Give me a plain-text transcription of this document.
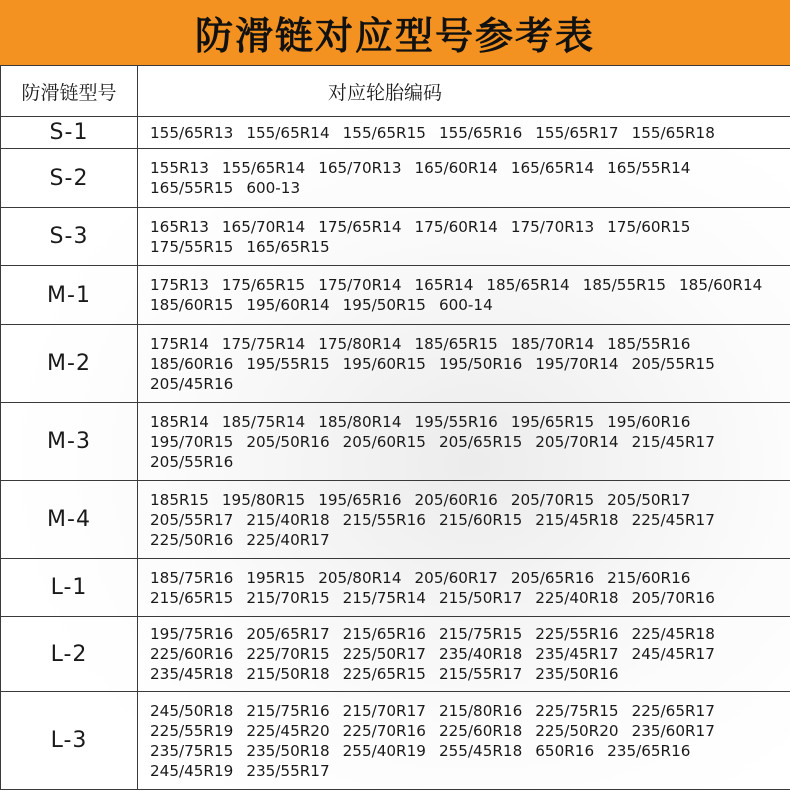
防滑链对应型号参考表
防滑链型号	对应轮胎编码
S-1	155/65R13 155/65R14 155/65R15 155/65R16 155/65R17 155/65R18
S-2	155R13 155/65R14 165/70R13 165/60R14 165/65R14 165/55R14165/55R15 600-13
S-3	165R13 165/70R14 175/65R14 175/60R14 175/70R13 175/60R15175/55R15 165/65R15
M-1	175R13 175/65R15 175/70R14 165R14 185/65R14 185/55R15 185/60R14185/60R15 195/60R14 195/50R15 600-14
M-2	175R14 175/75R14 175/80R14 185/65R15 185/70R14 185/55R16185/60R16 195/55R15 195/60R15 195/50R16 195/70R14 205/55R15205/45R16
M-3	185R14 185/75R14 185/80R14 195/55R16 195/65R15 195/60R16195/70R15 205/50R16 205/60R15 205/65R15 205/70R14 215/45R17205/55R16
M-4	185R15 195/80R15 195/65R16 205/60R16 205/70R15 205/50R17205/55R17 215/40R18 215/55R16 215/60R15 215/45R18 225/45R17225/50R16 225/40R17
L-1	185/75R16 195R15 205/80R14 205/60R17 205/65R16 215/60R16215/65R15 215/70R15 215/75R14 215/50R17 225/40R18 205/70R16
L-2	195/75R16 205/65R17 215/65R16 215/75R15 225/55R16 225/45R18225/60R16 225/70R15 225/50R17 235/40R18 235/45R17 245/45R17235/45R18 215/50R18 225/65R15 215/55R17 235/50R16
L-3	245/50R18 215/75R16 215/70R17 215/80R16 225/75R15 225/65R17225/55R19 225/45R20 225/70R16 225/60R18 225/50R20 235/60R17235/75R15 235/50R18 255/40R19 255/45R18 650R16 235/65R16245/45R19 235/55R17
